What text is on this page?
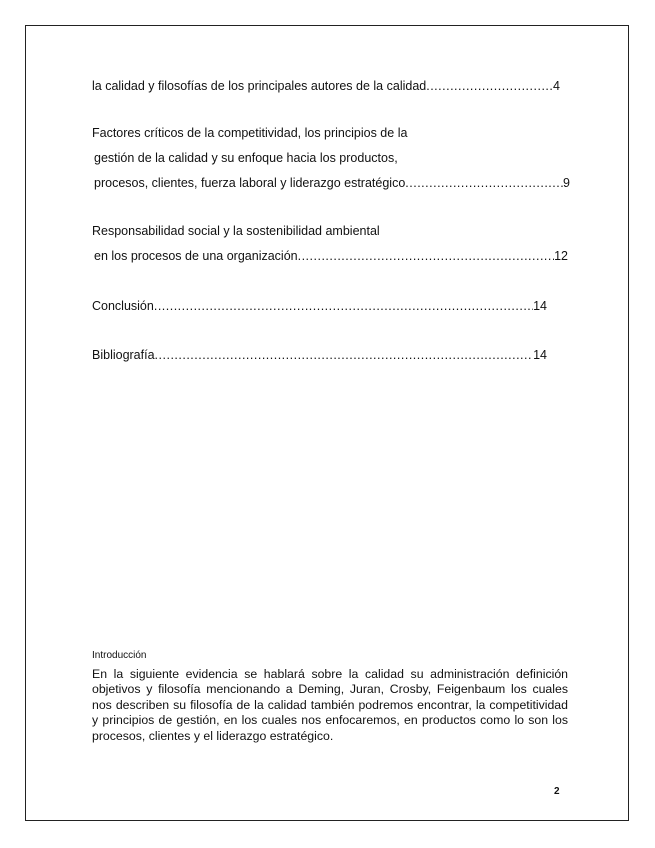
la calidad y filosofías de los principales autores de la calidad .....	4
Factores críticos de la competitividad, los principios de la
gestión de la calidad y su enfoque hacia los productos,
procesos, clientes, fuerza laboral y liderazgo estratégico .....	9
Responsabilidad social y la sostenibilidad ambiental
en los procesos de una organización .....	12
Conclusión .....	14
Bibliografía .....	14
Introducción
En la siguiente evidencia se hablará sobre la calidad su administración definición objetivos y filosofía mencionando a Deming, Juran, Crosby, Feigenbaum los cuales nos describen su filosofía de la calidad también podremos encontrar, la competitividad y principios de gestión, en los cuales nos enfocaremos, en productos como lo son los procesos, clientes y el liderazgo estratégico.
2
